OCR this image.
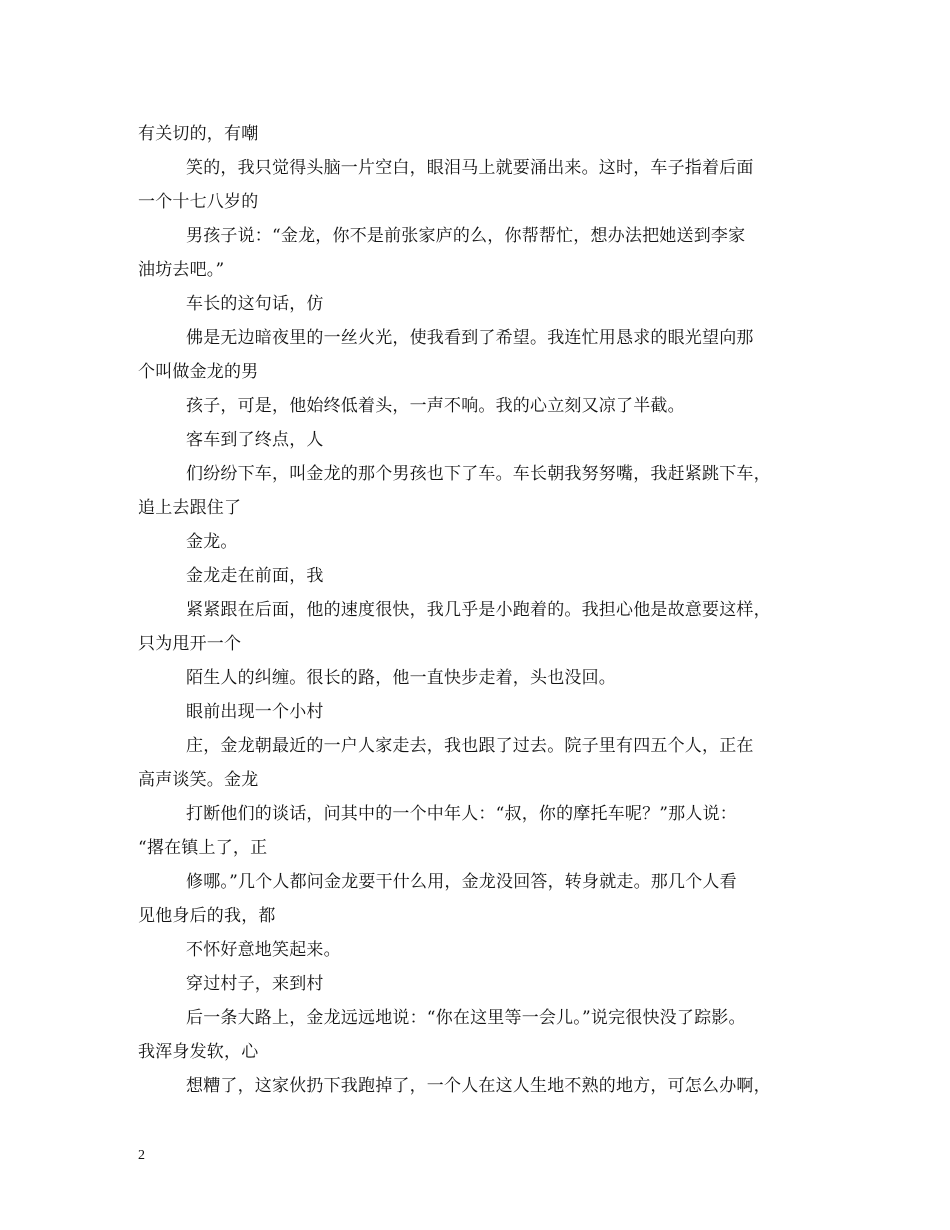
有关切的，有嘲
笑的，我只觉得头脑一片空白，眼泪马上就要涌出来。这时，车子指着后面
一个十七八岁的
男孩子说：“金龙，你不是前张家庐的么，你帮帮忙，想办法把她送到李家
油坊去吧。”
车长的这句话，仿
佛是无边暗夜里的一丝火光，使我看到了希望。我连忙用恳求的眼光望向那
个叫做金龙的男
孩子，可是，他始终低着头，一声不响。我的心立刻又凉了半截。
客车到了终点，人
们纷纷下车，叫金龙的那个男孩也下了车。车长朝我努努嘴，我赶紧跳下车，
追上去跟住了
金龙。
金龙走在前面，我
紧紧跟在后面，他的速度很快，我几乎是小跑着的。我担心他是故意要这样，
只为甩开一个
陌生人的纠缠。很长的路，他一直快步走着，头也没回。
眼前出现一个小村
庄，金龙朝最近的一户人家走去，我也跟了过去。院子里有四五个人，正在
高声谈笑。金龙
打断他们的谈话，问其中的一个中年人：“叔，你的摩托车呢？”那人说：
“撂在镇上了，正
修哪。”几个人都问金龙要干什么用，金龙没回答，转身就走。那几个人看
见他身后的我，都
不怀好意地笑起来。
穿过村子，来到村
后一条大路上，金龙远远地说：“你在这里等一会儿。”说完很快没了踪影。
我浑身发软，心
想糟了，这家伙扔下我跑掉了，一个人在这人生地不熟的地方，可怎么办啊，
2
